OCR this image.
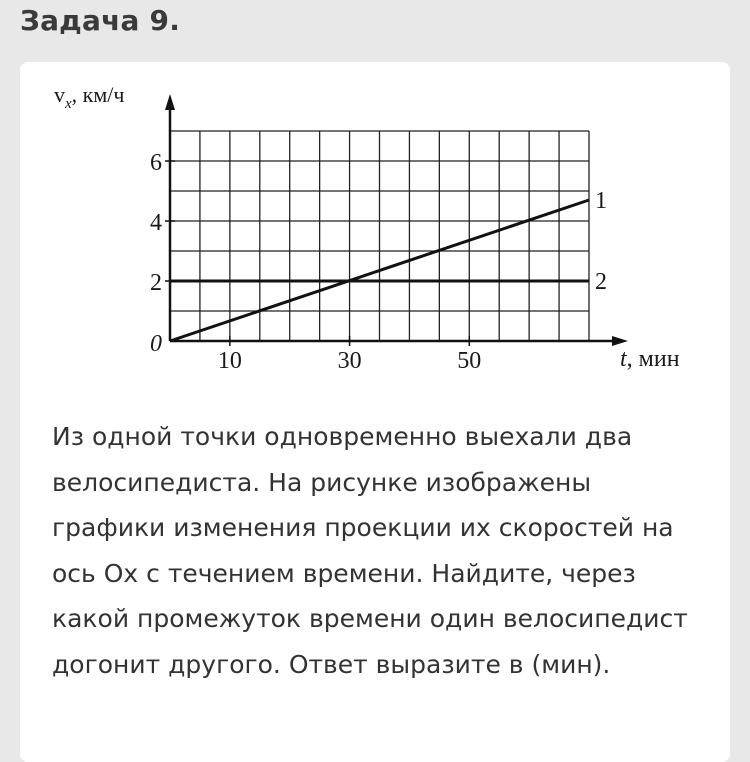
Задача 9.
2
4
6
10	30	50
0
1
2
$v_x$, км/ч
t, мин
Из одной точки одновременно выехали два велосипедиста. На рисунке изображены графики изменения проекции их скоростей на ось Ox с течением времени. Найдите, через какой промежуток времени один велосипедист догонит другого. Ответ выразите в (мин).
